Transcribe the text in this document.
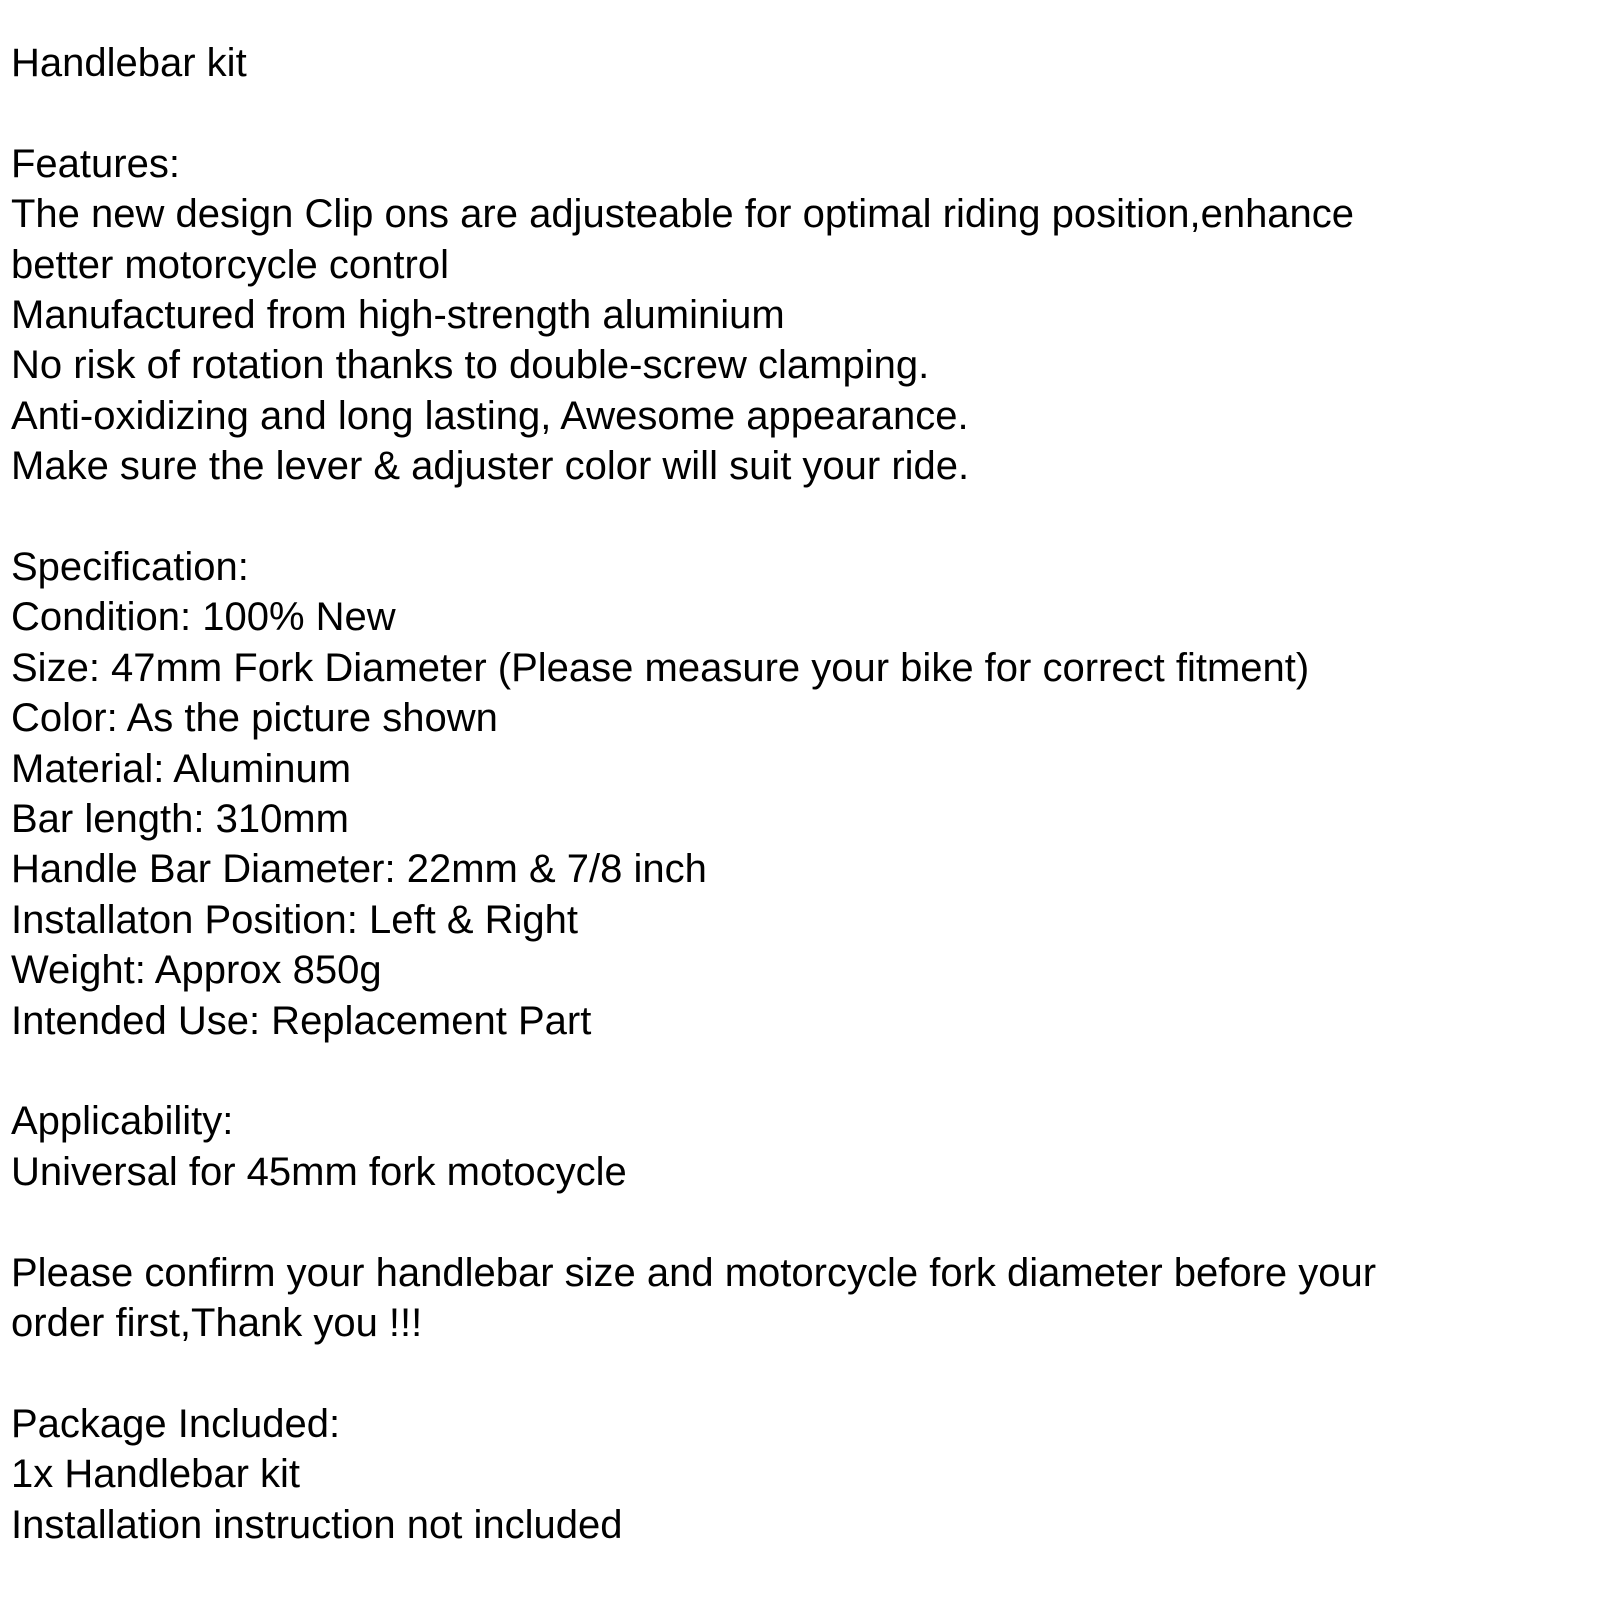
Handlebar kit
Features:
The new design Clip ons are adjusteable for optimal riding position,enhance
better motorcycle control
Manufactured from high-strength aluminium
No risk of rotation thanks to double-screw clamping.
Anti-oxidizing and long lasting, Awesome appearance.
Make sure the lever & adjuster color will suit your ride.
Specification:
Condition: 100% New
Size: 47mm Fork Diameter (Please measure your bike for correct fitment)
Color: As the picture shown
Material: Aluminum
Bar length: 310mm
Handle Bar Diameter: 22mm & 7/8 inch
Installaton Position: Left & Right
Weight: Approx 850g
Intended Use: Replacement Part
Applicability:
Universal for 45mm fork motocycle
Please confirm your handlebar size and motorcycle fork diameter before your
order first,Thank you !!!
Package Included:
1x Handlebar kit
Installation instruction not included
